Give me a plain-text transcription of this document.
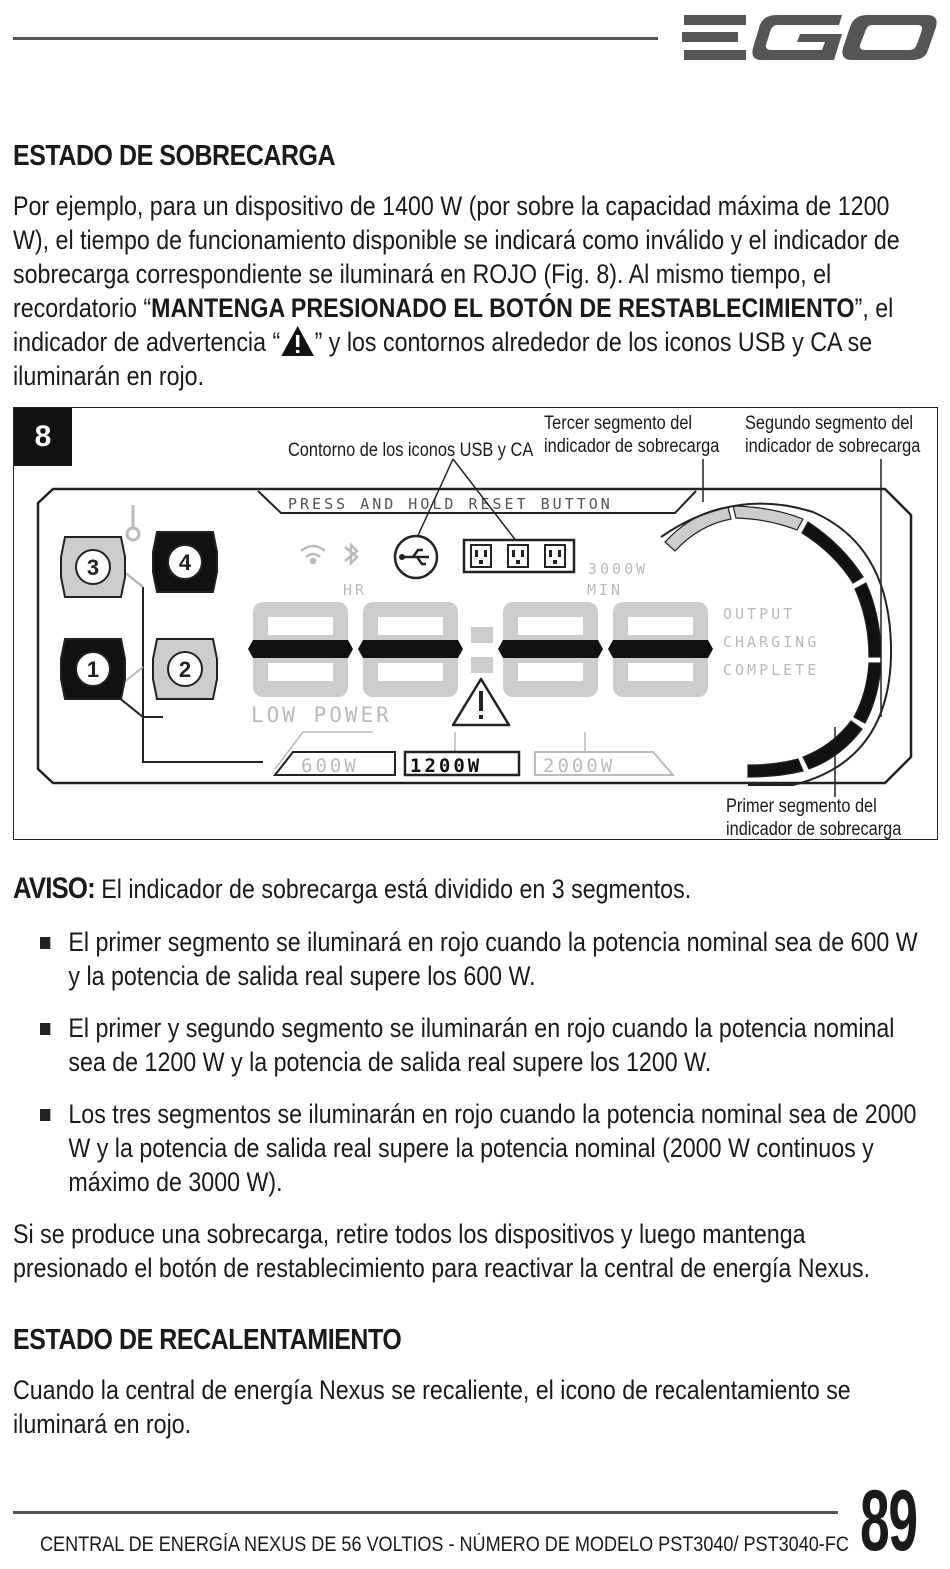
ESTADO DE SOBRECARGA

Por ejemplo, para un dispositivo de 1400 W (por sobre la capacidad máxima de 1200 W), el tiempo de funcionamiento disponible se indicará como inválido y el indicador de sobrecarga correspondiente se iluminará en ROJO (Fig. 8). Al mismo tiempo, el recordatorio “MANTENGA PRESIONADO EL BOTÓN DE RESTABLECIMIENTO”, el indicador de advertencia “ ” y los contornos alrededor de los iconos USB y CA se iluminarán en rojo.

8	Contorno de los iconos USB y CA
Tercer segmento del
indicador de sobrecarga
Segundo segmento del
indicador de sobrecarga
Primer segmento del
indicador de sobrecarga
PRESS AND HOLD RESET BUTTON
3	4
1	2
3000W
HR	MIN
OUTPUT
CHARGING
COMPLETE
LOW POWER
600W	1200W	2000W
AVISO: El indicador de sobrecarga está dividido en 3 segmentos.
El primer segmento se iluminará en rojo cuando la potencia nominal sea de 600 W y la potencia de salida real supere los 600 W.
El primer y segundo segmento se iluminarán en rojo cuando la potencia nominal sea de 1200 W y la potencia de salida real supere los 1200 W.
Los tres segmentos se iluminarán en rojo cuando la potencia nominal sea de 2000 W y la potencia de salida real supere la potencia nominal (2000 W continuos y máximo de 3000 W).

Si se produce una sobrecarga, retire todos los dispositivos y luego mantenga presionado el botón de restablecimiento para reactivar la central de energía Nexus.

ESTADO DE RECALENTAMIENTO

Cuando la central de energía Nexus se recaliente, el icono de recalentamiento se iluminará en rojo.

CENTRAL DE ENERGÍA NEXUS DE 56 VOLTIOS - NÚMERO DE MODELO PST3040/ PST3040-FC 89
